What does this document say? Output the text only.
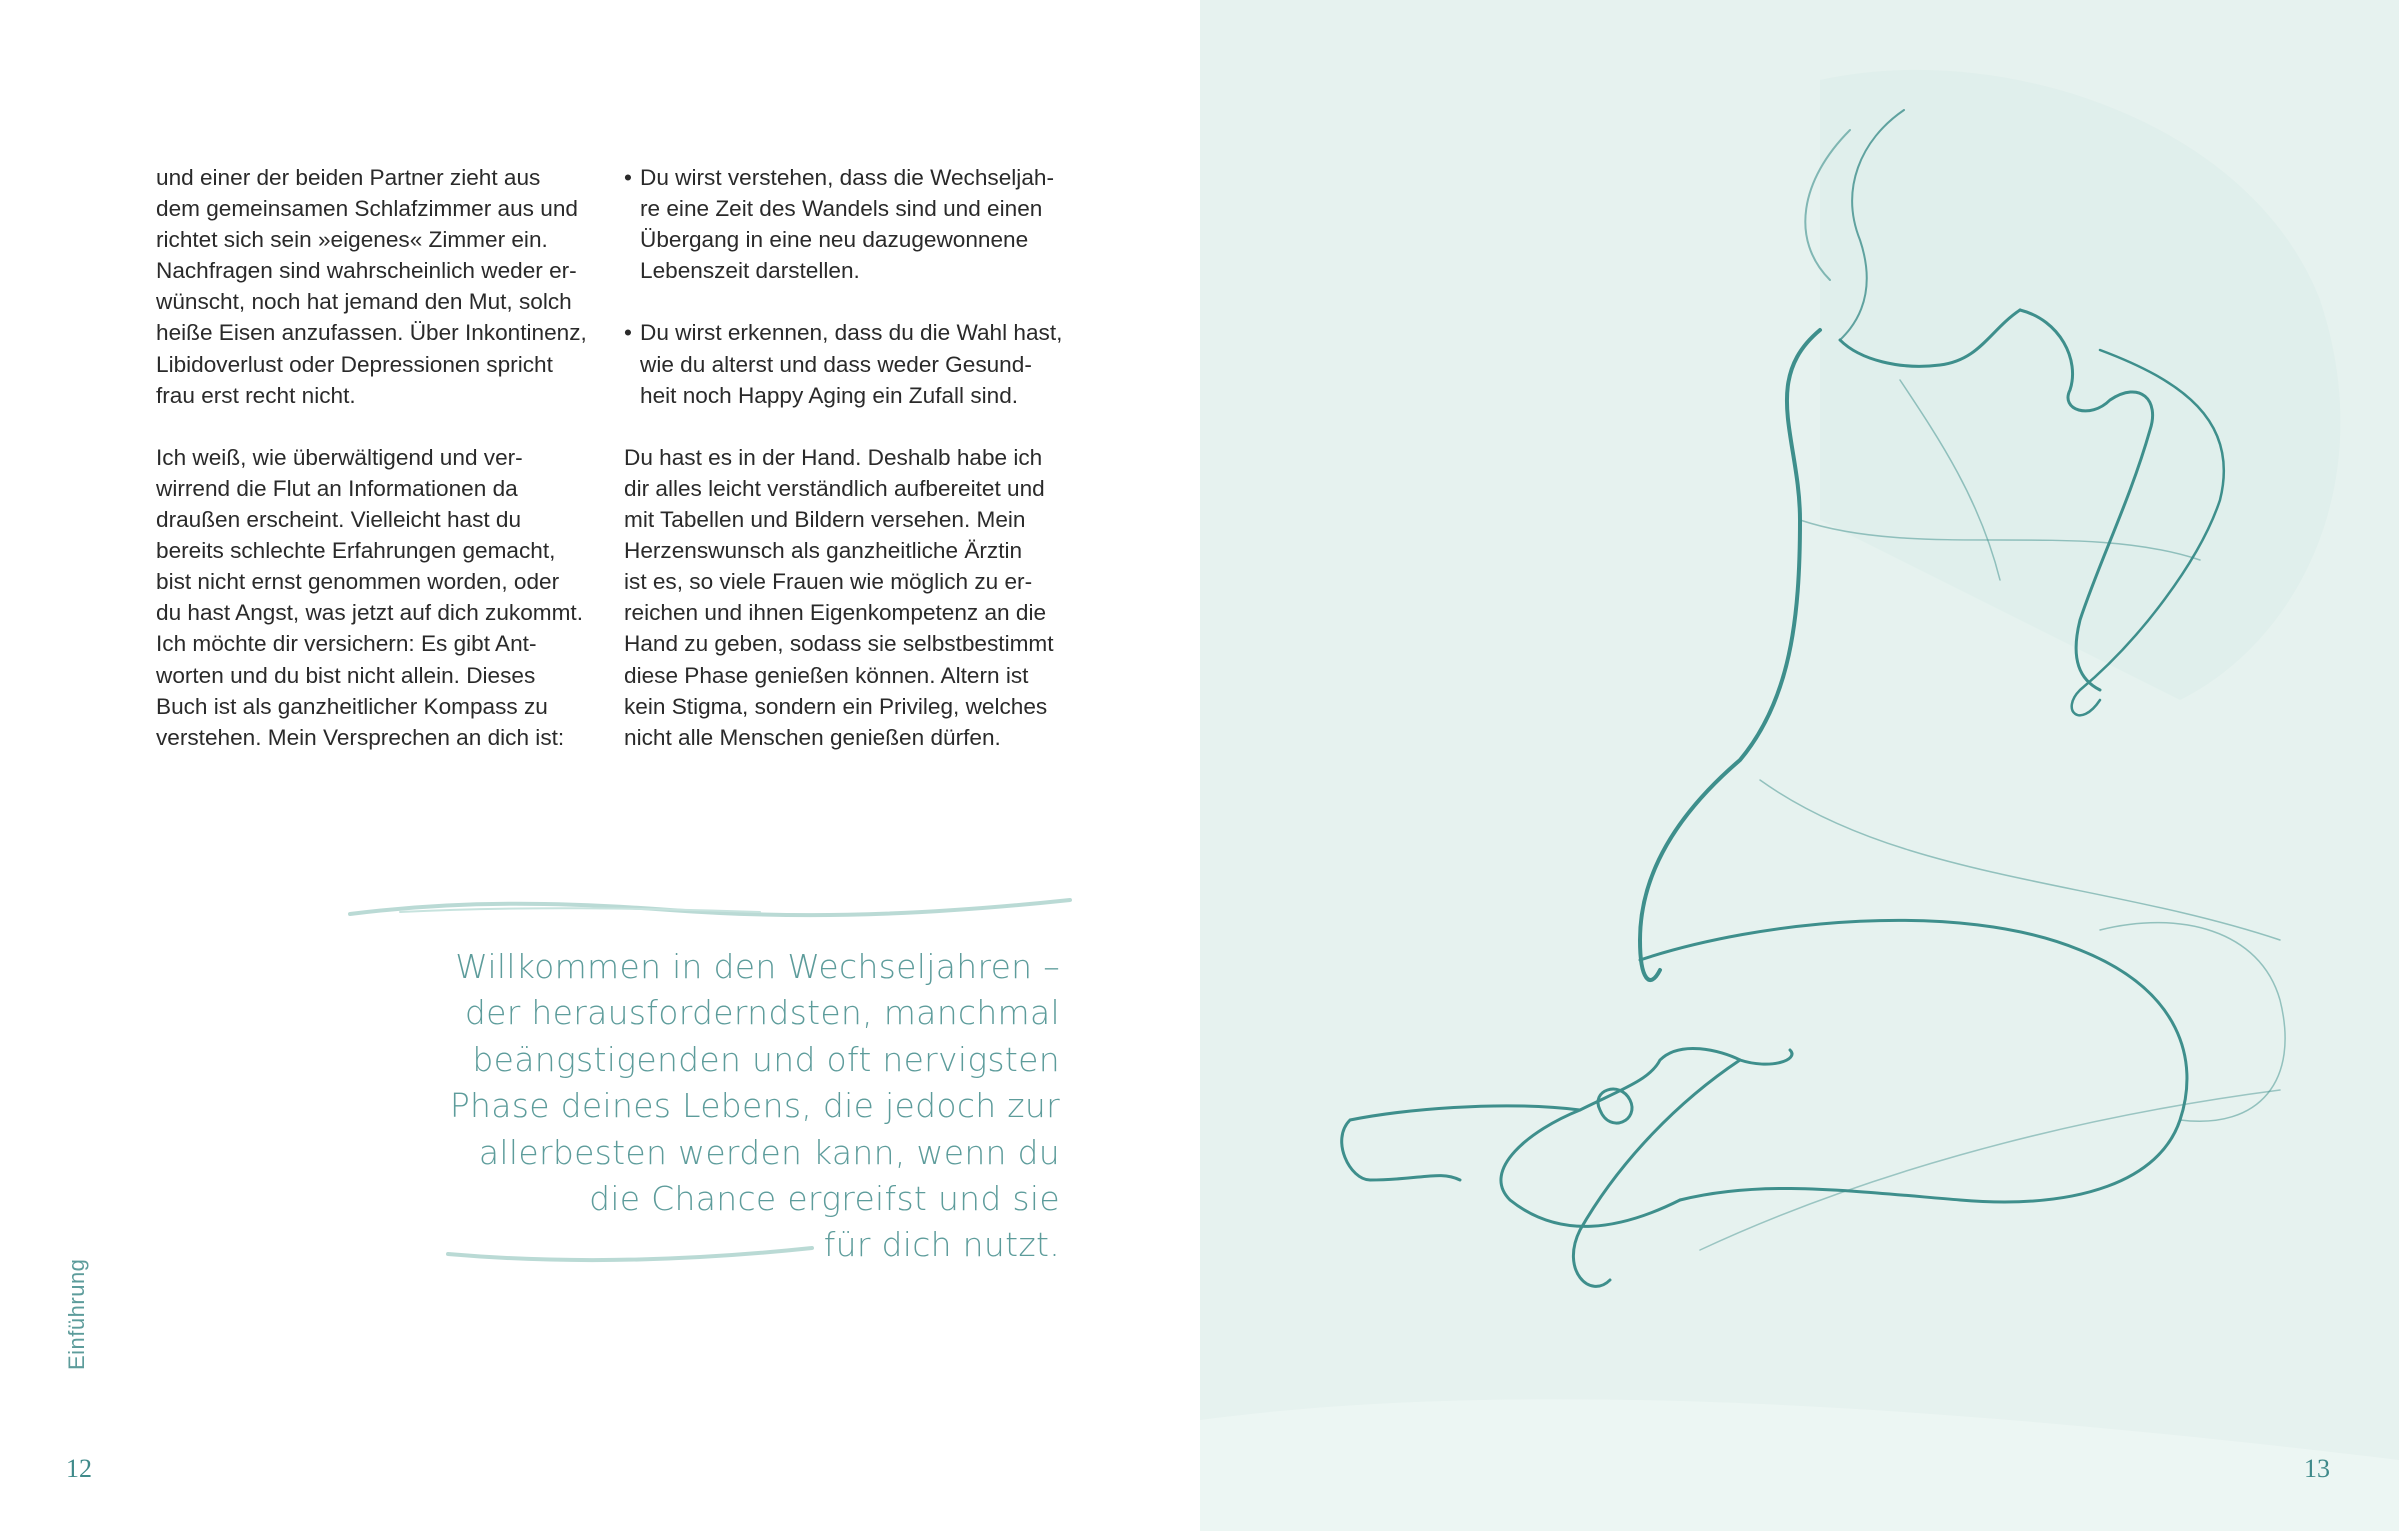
und einer der beiden Partner zieht aus

dem gemeinsamen Schlafzimmer aus und

richtet sich sein »eigenes« Zimmer ein.

Nachfragen sind wahrscheinlich weder er-

wünscht, noch hat jemand den Mut, solch

heiße Eisen anzufassen. Über Inkontinenz,

Libidoverlust oder Depressionen spricht

frau erst recht nicht.

Ich weiß, wie überwältigend und ver-

wirrend die Flut an Informationen da

draußen erscheint. Vielleicht hast du

bereits schlechte Erfahrungen gemacht,

bist nicht ernst genommen worden, oder

du hast Angst, was jetzt auf dich zukommt.

Ich möchte dir versichern: Es gibt Ant-

worten und du bist nicht allein. Dieses

Buch ist als ganzheitlicher Kompass zu

verstehen. Mein Versprechen an dich ist:

• Du wirst verstehen, dass die Wechseljah-

re eine Zeit des Wandels sind und einen

Übergang in eine neu dazugewonnene

Lebenszeit darstellen.

• Du wirst erkennen, dass du die Wahl hast,

wie du alterst und dass weder Gesund-

heit noch Happy Aging ein Zufall sind.

Du hast es in der Hand. Deshalb habe ich

dir alles leicht verständlich aufbereitet und

mit Tabellen und Bildern versehen. Mein

Herzenswunsch als ganzheitliche Ärztin

ist es, so viele Frauen wie möglich zu er-

reichen und ihnen Eigenkompetenz an die

Hand zu geben, sodass sie selbstbestimmt

diese Phase genießen können. Altern ist

kein Stigma, sondern ein Privileg, welches

nicht alle Menschen genießen dürfen.

Willkommen in den Wechseljahren –

der herausforderndsten, manchmal

beängstigenden und oft nervigsten

Phase deines Lebens, die jedoch zur

allerbesten werden kann, wenn du

die Chance ergreifst und sie

für dich nutzt.

Einführung
12	13
